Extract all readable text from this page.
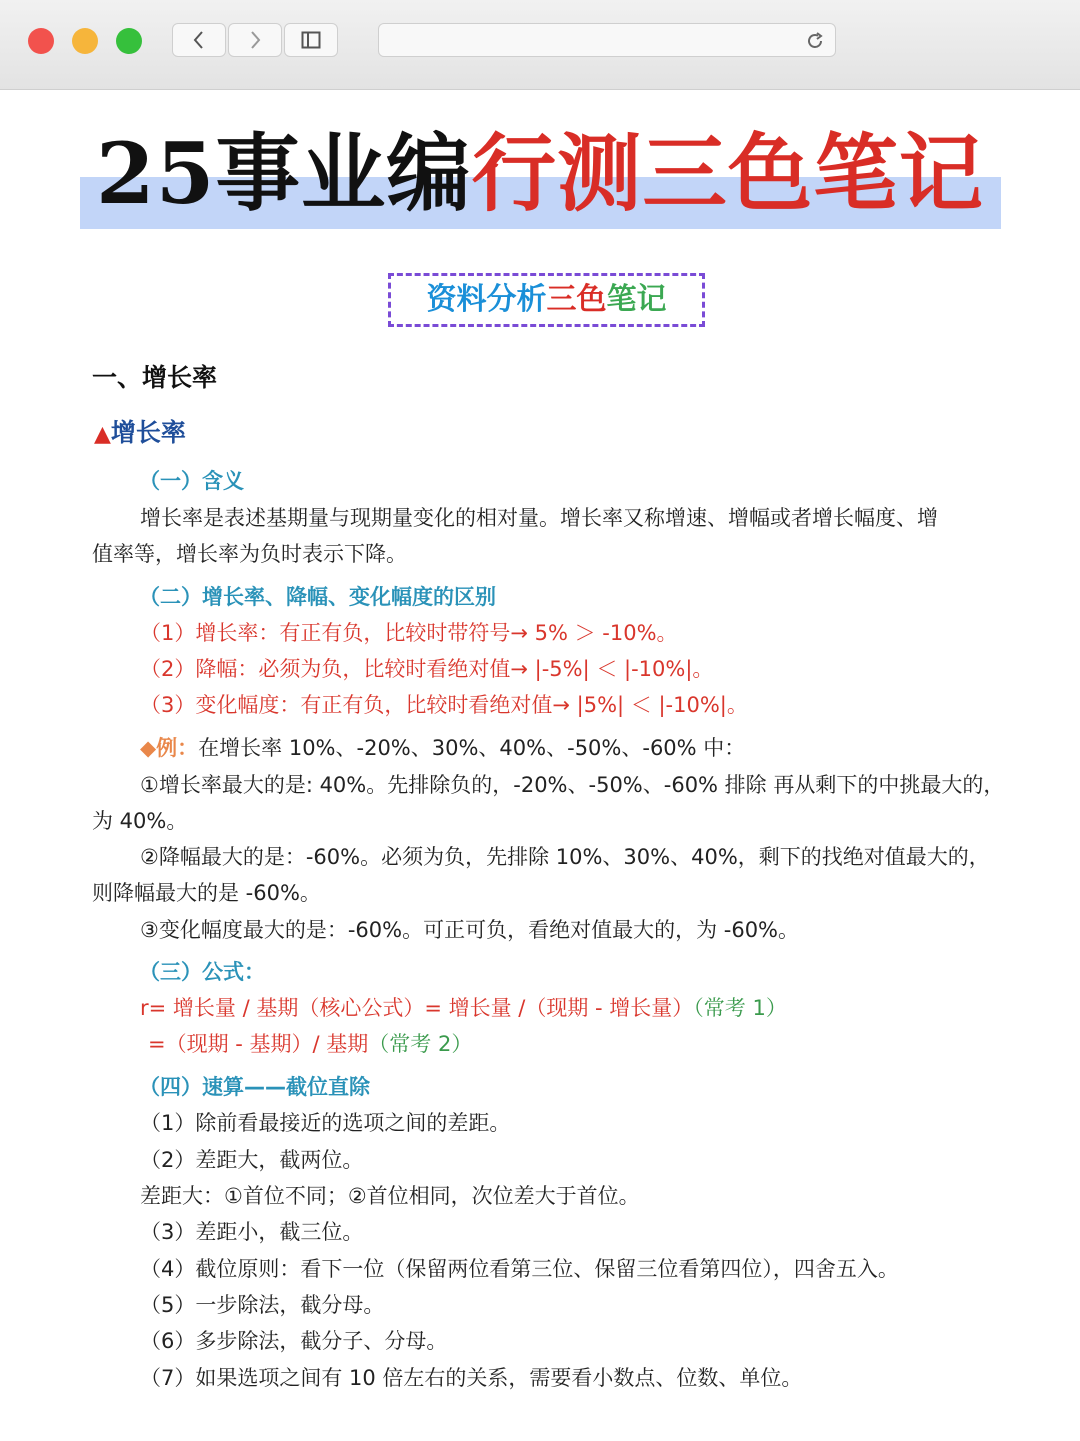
25事业编行测三色笔记
资料分析三色笔记
一、增长率
▲增长率
（一）含义
增长率是表述基期量与现期量变化的相对量。增长率又称增速、增幅或者增长幅度、增
值率等，增长率为负时表示下降。
（二）增长率、降幅、变化幅度的区别
（1）增长率：有正有负，比较时带符号→ 5% ＞ -10%。
（2）降幅：必须为负，比较时看绝对值→ |-5%| ＜ |-10%|。
（3）变化幅度：有正有负，比较时看绝对值→ |5%| ＜ |-10%|。
◆例：在增长率 10%、-20%、30%、40%、-50%、-60% 中：
①增长率最大的是: 40%。先排除负的，-20%、-50%、-60% 排除 再从剩下的中挑最大的，
为 40%。
②降幅最大的是：-60%。必须为负，先排除 10%、30%、40%，剩下的找绝对值最大的，
则降幅最大的是 -60%。
③变化幅度最大的是：-60%。可正可负，看绝对值最大的，为 -60%。
（三）公式：
r= 增长量 / 基期（核心公式）= 增长量 /（现期 - 增长量）（常考 1）
=（现期 - 基期）/ 基期（常考 2）
（四）速算——截位直除
（1）除前看最接近的选项之间的差距。
（2）差距大，截两位。
差距大：①首位不同；②首位相同，次位差大于首位。
（3）差距小，截三位。
（4）截位原则：看下一位（保留两位看第三位、保留三位看第四位），四舍五入。
（5）一步除法，截分母。
（6）多步除法，截分子、分母。
（7）如果选项之间有 10 倍左右的关系，需要看小数点、位数、单位。
